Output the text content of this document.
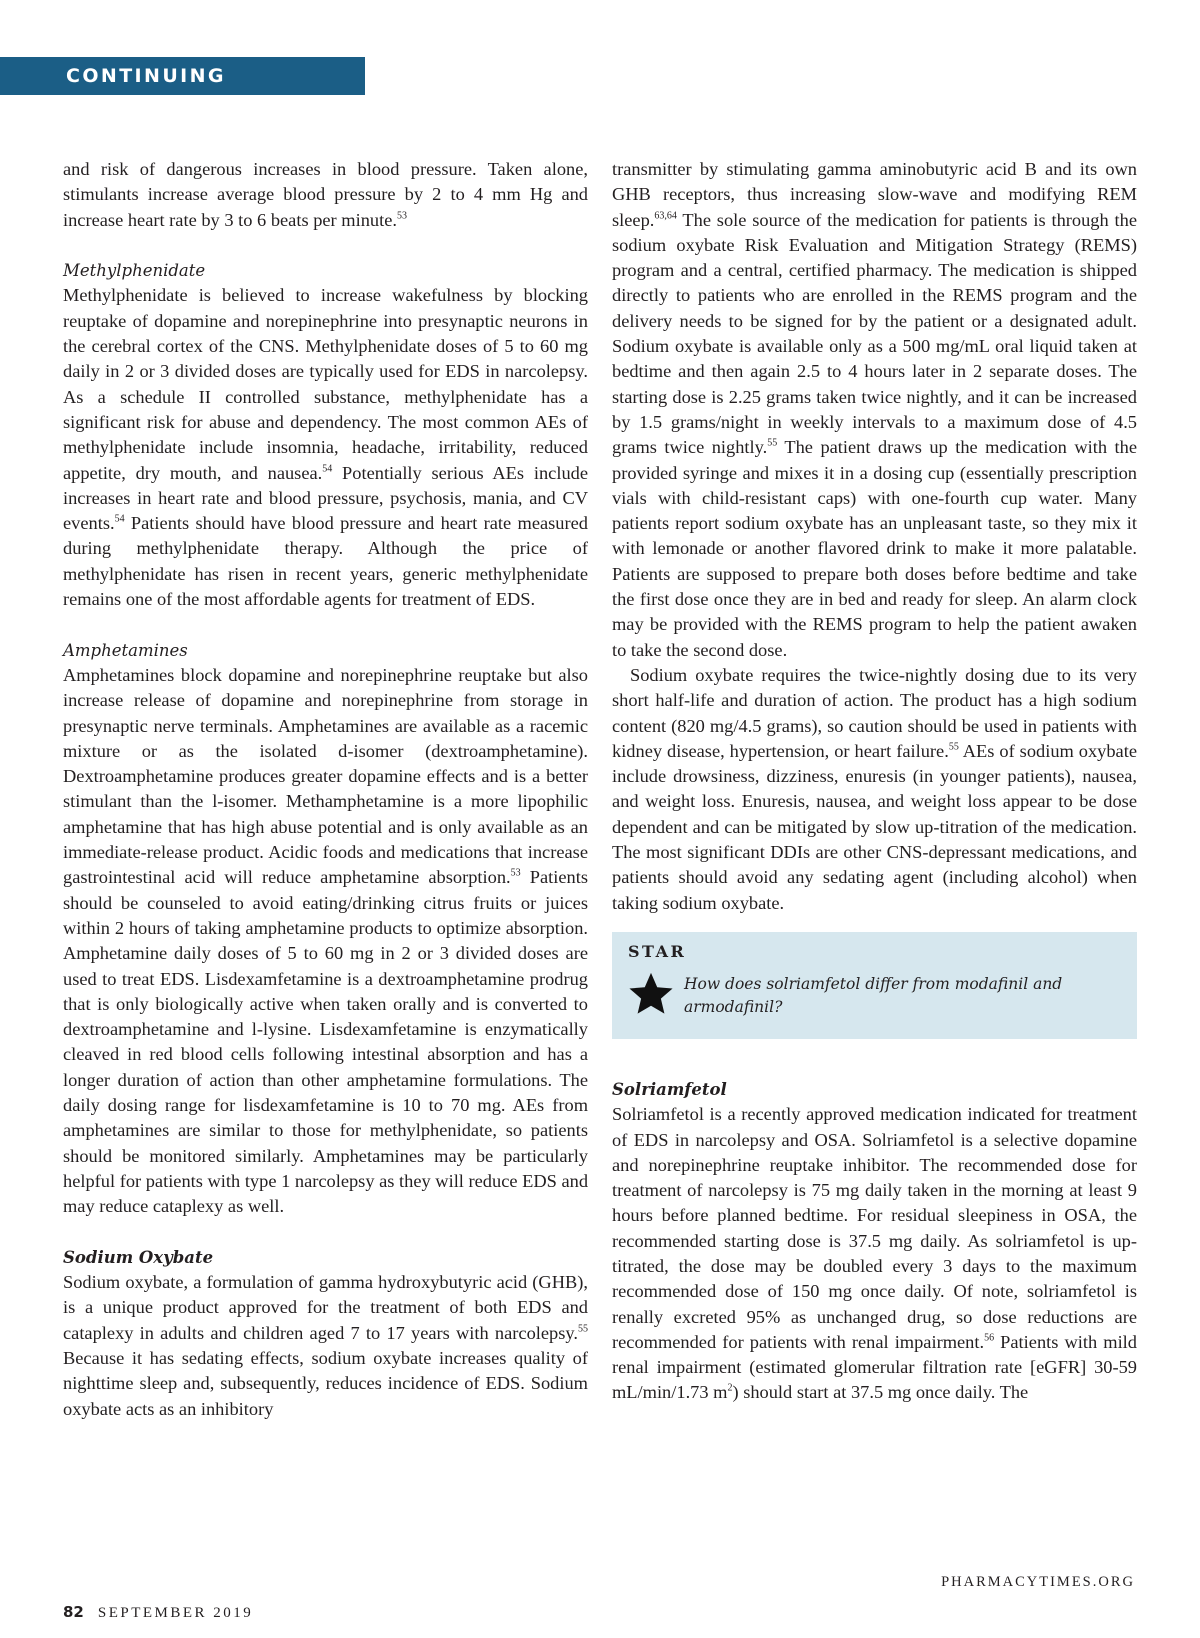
CONTINUING EDUCATION

and risk of dangerous increases in blood pressure. Taken alone, stimulants increase average blood pressure by 2 to 4 mm Hg and increase heart rate by 3 to 6 beats per minute.$^{53}$

Methylphenidate

Methylphenidate is believed to increase wakefulness by blocking reuptake of dopamine and norepinephrine into presynaptic neurons in the cerebral cortex of the CNS. Methylphenidate doses of 5 to 60 mg daily in 2 or 3 divided doses are typically used for EDS in narcolepsy. As a schedule II controlled substance, methylphenidate has a significant risk for abuse and dependency. The most common AEs of methylphenidate include insomnia, headache, irritability, reduced appetite, dry mouth, and nausea.$^{54}$ Potentially serious AEs include increases in heart rate and blood pressure, psychosis, mania, and CV events.$^{54}$ Patients should have blood pressure and heart rate measured during methylphenidate therapy. Although the price of methylphenidate has risen in recent years, generic methylphenidate remains one of the most affordable agents for treatment of EDS.

Amphetamines

Amphetamines block dopamine and norepinephrine reuptake but also increase release of dopamine and norepinephrine from storage in presynaptic nerve terminals. Amphetamines are available as a racemic mixture or as the isolated d-isomer (dextroamphetamine). Dextroamphetamine produces greater dopamine effects and is a better stimulant than the l-isomer. Methamphetamine is a more lipophilic amphetamine that has high abuse potential and is only available as an immediate-release product. Acidic foods and medications that increase gastrointestinal acid will reduce amphetamine absorption.$^{53}$ Patients should be counseled to avoid eating/drinking citrus fruits or juices within 2 hours of taking amphetamine products to optimize absorption. Amphetamine daily doses of 5 to 60 mg in 2 or 3 divided doses are used to treat EDS. Lisdexamfetamine is a dextroamphetamine prodrug that is only biologically active when taken orally and is converted to dextroamphetamine and l-lysine. Lisdexamfetamine is enzymatically cleaved in red blood cells following intestinal absorption and has a longer duration of action than other amphetamine formulations. The daily dosing range for lisdexamfetamine is 10 to 70 mg. AEs from amphetamines are similar to those for methylphenidate, so patients should be monitored similarly. Amphetamines may be particularly helpful for patients with type 1 narcolepsy as they will reduce EDS and may reduce cataplexy as well.

Sodium Oxybate

Sodium oxybate, a formulation of gamma hydroxybutyric acid (GHB), is a unique product approved for the treatment of both EDS and cataplexy in adults and children aged 7 to 17 years with narcolepsy.$^{55}$ Because it has sedating effects, sodium oxybate increases quality of nighttime sleep and, subsequently, reduces incidence of EDS. Sodium oxybate acts as an inhibitory

transmitter by stimulating gamma aminobutyric acid B and its own GHB receptors, thus increasing slow-wave and modifying REM sleep.$^{63,64}$ The sole source of the medication for patients is through the sodium oxybate Risk Evaluation and Mitigation Strategy (REMS) program and a central, certified pharmacy. The medication is shipped directly to patients who are enrolled in the REMS program and the delivery needs to be signed for by the patient or a designated adult. Sodium oxybate is available only as a 500 mg/mL oral liquid taken at bedtime and then again 2.5 to 4 hours later in 2 separate doses. The starting dose is 2.25 grams taken twice nightly, and it can be increased by 1.5 grams/night in weekly intervals to a maximum dose of 4.5 grams twice nightly.$^{55}$ The patient draws up the medication with the provided syringe and mixes it in a dosing cup (essentially prescription vials with child-resistant caps) with one-fourth cup water. Many patients report sodium oxybate has an unpleasant taste, so they mix it with lemonade or another flavored drink to make it more palatable. Patients are supposed to prepare both doses before bedtime and take the first dose once they are in bed and ready for sleep. An alarm clock may be provided with the REMS program to help the patient awaken to take the second dose.

Sodium oxybate requires the twice-nightly dosing due to its very short half-life and duration of action. The product has a high sodium content (820 mg/4.5 grams), so caution should be used in patients with kidney disease, hypertension, or heart failure.$^{55}$ AEs of sodium oxybate include drowsiness, dizziness, enuresis (in younger patients), nausea, and weight loss. Enuresis, nausea, and weight loss appear to be dose dependent and can be mitigated by slow up-titration of the medication. The most significant DDIs are other CNS-depressant medications, and patients should avoid any sedating agent (including alcohol) when taking sodium oxybate.

STAR
How does solriamfetol differ from modafinil and armodafinil?
Solriamfetol

Solriamfetol is a recently approved medication indicated for treatment of EDS in narcolepsy and OSA. Solriamfetol is a selective dopamine and norepinephrine reuptake inhibitor. The recommended dose for treatment of narcolepsy is 75 mg daily taken in the morning at least 9 hours before planned bedtime. For residual sleepiness in OSA, the recommended starting dose is 37.5 mg daily. As solriamfetol is up-titrated, the dose may be doubled every 3 days to the maximum recommended dose of 150 mg once daily. Of note, solriamfetol is renally excreted 95% as unchanged drug, so dose reductions are recommended for patients with renal impairment.$^{56}$ Patients with mild renal impairment (estimated glomerular filtration rate [eGFR] 30-59 mL/min/1.73 $m^2$) should start at 37.5 mg once daily. The

82 SEPTEMBER 2019
PHARMACYTIMES.ORG
